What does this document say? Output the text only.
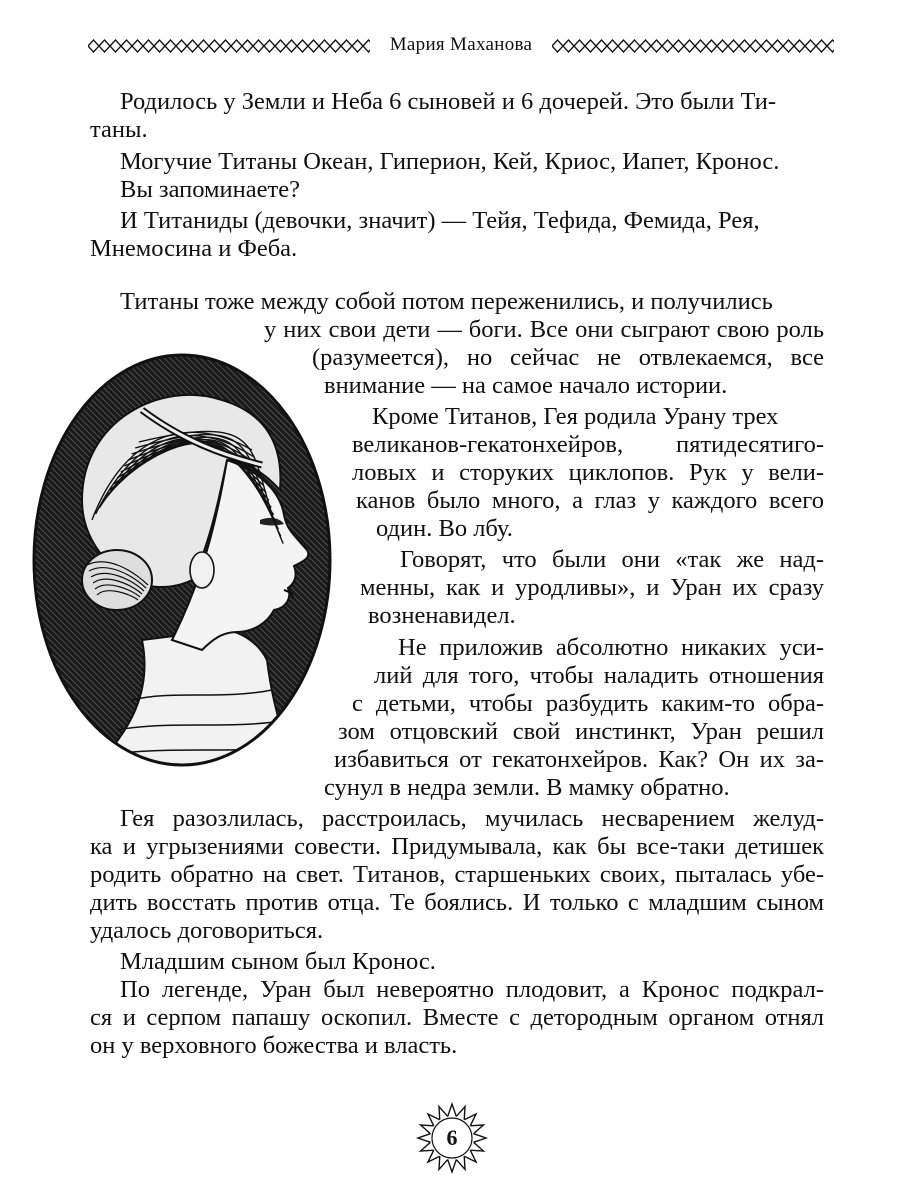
Мария Маханова
Родилось у Земли и Неба 6 сыновей и 6 дочерей. Это были Ти-
таны.
Могучие Титаны Океан, Гиперион, Кей, Криос, Иапет, Кронос.
Вы запоминаете?
И Титаниды (девочки, значит) — Тейя, Тефида, Фемида, Рея,
Мнемосина и Феба.
Титаны тоже между собой потом переженились, и получились
у них свои дети — боги. Все они сыграют свою роль
(разумеется), но сейчас не отвлекаемся, все
внимание — на самое начало истории.
Кроме Титанов, Гея родила Урану трех
великанов-гекатонхейров, пятидесятиго-
ловых и сторуких циклопов. Рук у вели-
канов было много, а глаз у каждого всего
один. Во лбу.
Говорят, что были они «так же над-
менны, как и уродливы», и Уран их сразу
возненавидел.
Не приложив абсолютно никаких уси-
лий для того, чтобы наладить отношения
с детьми, чтобы разбудить каким-то обра-
зом отцовский свой инстинкт, Уран решил
избавиться от гекатонхейров. Как? Он их за-
сунул в недра земли. В мамку обратно.
Гея разозлилась, расстроилась, мучилась несварением желуд-
ка и угрызениями совести. Придумывала, как бы все-таки детишек
родить обратно на свет. Титанов, старшеньких своих, пыталась убе-
дить восстать против отца. Те боялись. И только с младшим сыном
удалось договориться.
Младшим сыном был Кронос.
По легенде, Уран был невероятно плодовит, а Кронос подкрал-
ся и серпом папашу оскопил. Вместе с детородным органом отнял
он у верховного божества и власть.
6
